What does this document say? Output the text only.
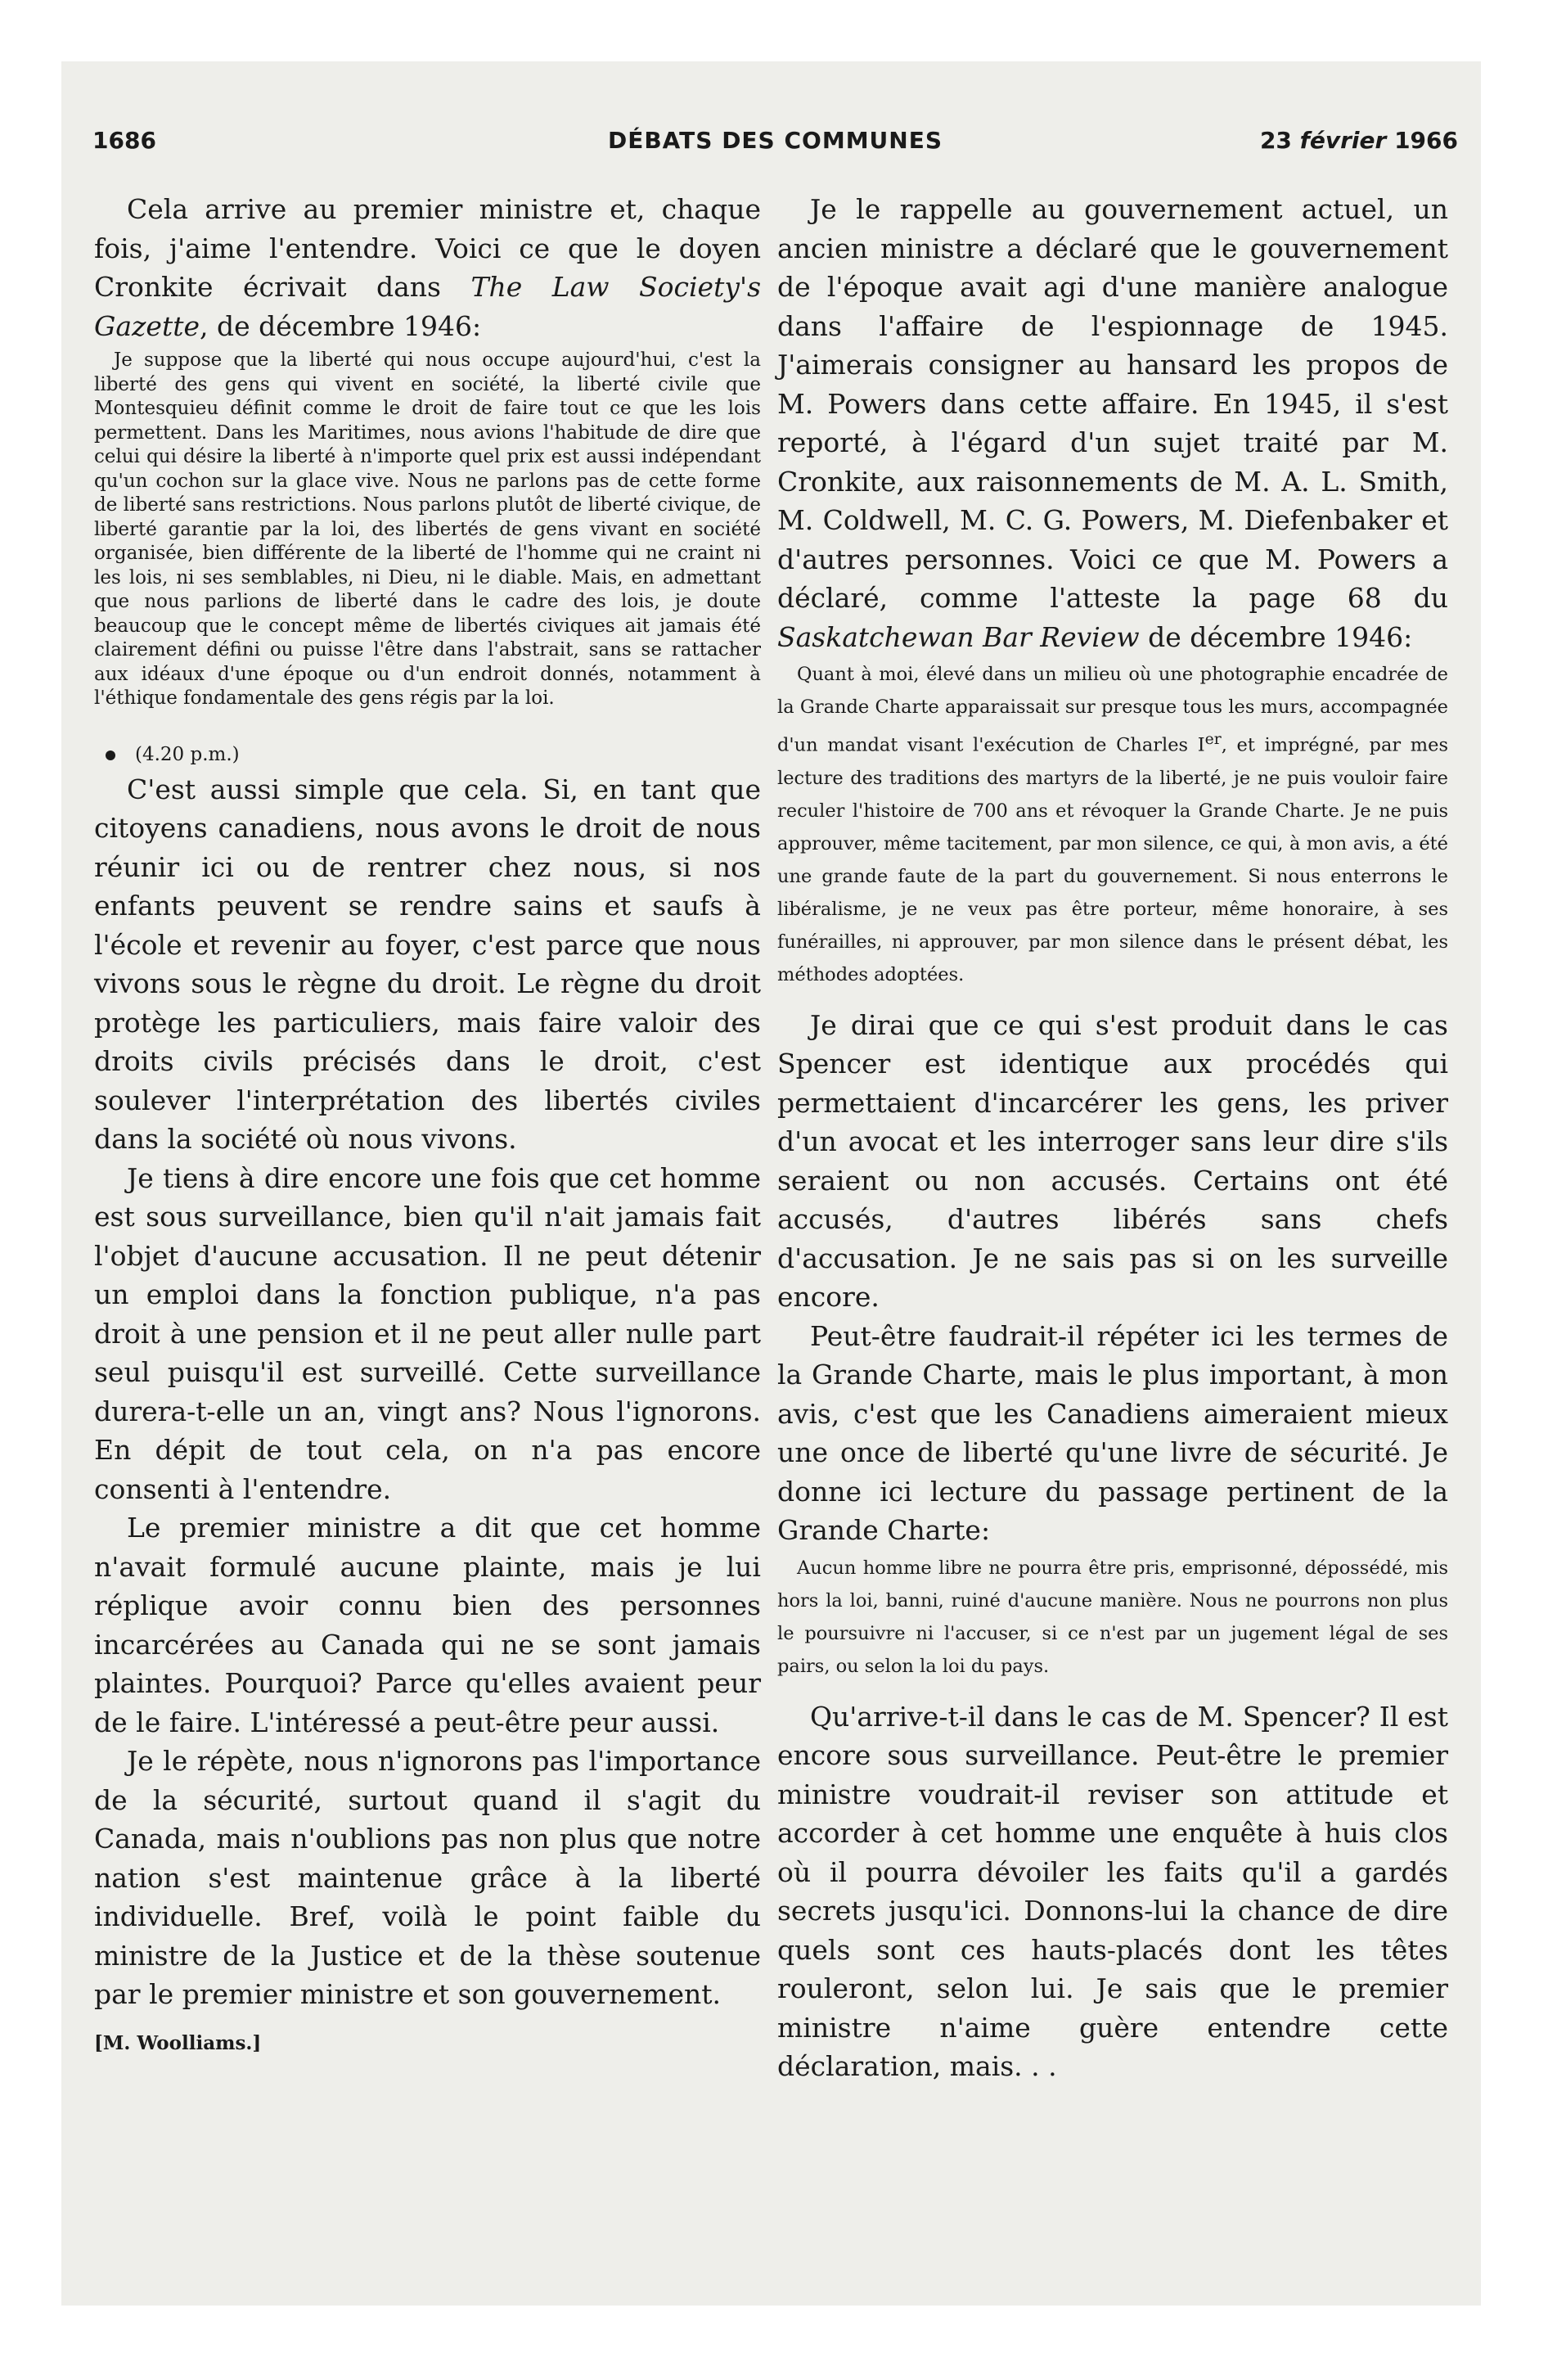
1686	DÉBATS DES COMMUNES	23 février 1966

Cela arrive au premier ministre et, chaque fois, j'aime l'entendre. Voici ce que le doyen Cronkite écrivait dans The Law Society's Gazette, de décembre 1946:

Je suppose que la liberté qui nous occupe aujourd'hui, c'est la liberté des gens qui vivent en société, la liberté civile que Montesquieu définit comme le droit de faire tout ce que les lois permettent. Dans les Maritimes, nous avions l'habitude de dire que celui qui désire la liberté à n'importe quel prix est aussi indépendant qu'un cochon sur la glace vive. Nous ne parlons pas de cette forme de liberté sans restrictions. Nous parlons plutôt de liberté civique, de liberté garantie par la loi, des libertés de gens vivant en société organisée, bien différente de la liberté de l'homme qui ne craint ni les lois, ni ses semblables, ni Dieu, ni le diable. Mais, en admettant que nous parlions de liberté dans le cadre des lois, je doute beaucoup que le concept même de libertés civiques ait jamais été clairement défini ou puisse l'être dans l'abstrait, sans se rattacher aux idéaux d'une époque ou d'un endroit donnés, notamment à l'éthique fondamentale des gens régis par la loi.

(4.20 p.m.)

C'est aussi simple que cela. Si, en tant que citoyens canadiens, nous avons le droit de nous réunir ici ou de rentrer chez nous, si nos enfants peuvent se rendre sains et saufs à l'école et revenir au foyer, c'est parce que nous vivons sous le règne du droit. Le règne du droit protège les particuliers, mais faire valoir des droits civils précisés dans le droit, c'est soulever l'interprétation des libertés civiles dans la société où nous vivons.

Je tiens à dire encore une fois que cet homme est sous surveillance, bien qu'il n'ait jamais fait l'objet d'aucune accusation. Il ne peut détenir un emploi dans la fonction publique, n'a pas droit à une pension et il ne peut aller nulle part seul puisqu'il est surveillé. Cette surveillance durera-t-elle un an, vingt ans? Nous l'ignorons. En dépit de tout cela, on n'a pas encore consenti à l'entendre.

Le premier ministre a dit que cet homme n'avait formulé aucune plainte, mais je lui réplique avoir connu bien des personnes incarcérées au Canada qui ne se sont jamais plaintes. Pourquoi? Parce qu'elles avaient peur de le faire. L'intéressé a peut-être peur aussi.

Je le répète, nous n'ignorons pas l'importance de la sécurité, surtout quand il s'agit du Canada, mais n'oublions pas non plus que notre nation s'est maintenue grâce à la liberté individuelle. Bref, voilà le point faible du ministre de la Justice et de la thèse soutenue par le premier ministre et son gouvernement.

[M. Woolliams.]

Je le rappelle au gouvernement actuel, un ancien ministre a déclaré que le gouvernement de l'époque avait agi d'une manière analogue dans l'affaire de l'espionnage de 1945. J'aimerais consigner au hansard les propos de M. Powers dans cette affaire. En 1945, il s'est reporté, à l'égard d'un sujet traité par M. Cronkite, aux raisonnements de M. A. L. Smith, M. Coldwell, M. C. G. Powers, M. Diefenbaker et d'autres personnes. Voici ce que M. Powers a déclaré, comme l'atteste la page 68 du Saskatchewan Bar Review de décembre 1946:

Quant à moi, élevé dans un milieu où une photographie encadrée de la Grande Charte apparaissait sur presque tous les murs, accompagnée d'un mandat visant l'exécution de Charles Ier, et imprégné, par mes lecture des traditions des martyrs de la liberté, je ne puis vouloir faire reculer l'histoire de 700 ans et révoquer la Grande Charte. Je ne puis approuver, même tacitement, par mon silence, ce qui, à mon avis, a été une grande faute de la part du gouvernement. Si nous enterrons le libéralisme, je ne veux pas être porteur, même honoraire, à ses funérailles, ni approuver, par mon silence dans le présent débat, les méthodes adoptées.

Je dirai que ce qui s'est produit dans le cas Spencer est identique aux procédés qui permettaient d'incarcérer les gens, les priver d'un avocat et les interroger sans leur dire s'ils seraient ou non accusés. Certains ont été accusés, d'autres libérés sans chefs d'accusation. Je ne sais pas si on les surveille encore.

Peut-être faudrait-il répéter ici les termes de la Grande Charte, mais le plus important, à mon avis, c'est que les Canadiens aimeraient mieux une once de liberté qu'une livre de sécurité. Je donne ici lecture du passage pertinent de la Grande Charte:

Aucun homme libre ne pourra être pris, emprisonné, dépossédé, mis hors la loi, banni, ruiné d'aucune manière. Nous ne pourrons non plus le poursuivre ni l'accuser, si ce n'est par un jugement légal de ses pairs, ou selon la loi du pays.

Qu'arrive-t-il dans le cas de M. Spencer? Il est encore sous surveillance. Peut-être le premier ministre voudrait-il reviser son attitude et accorder à cet homme une enquête à huis clos où il pourra dévoiler les faits qu'il a gardés secrets jusqu'ici. Donnons-lui la chance de dire quels sont ces hauts-placés dont les têtes rouleront, selon lui. Je sais que le premier ministre n'aime guère entendre cette déclaration, mais. . .
